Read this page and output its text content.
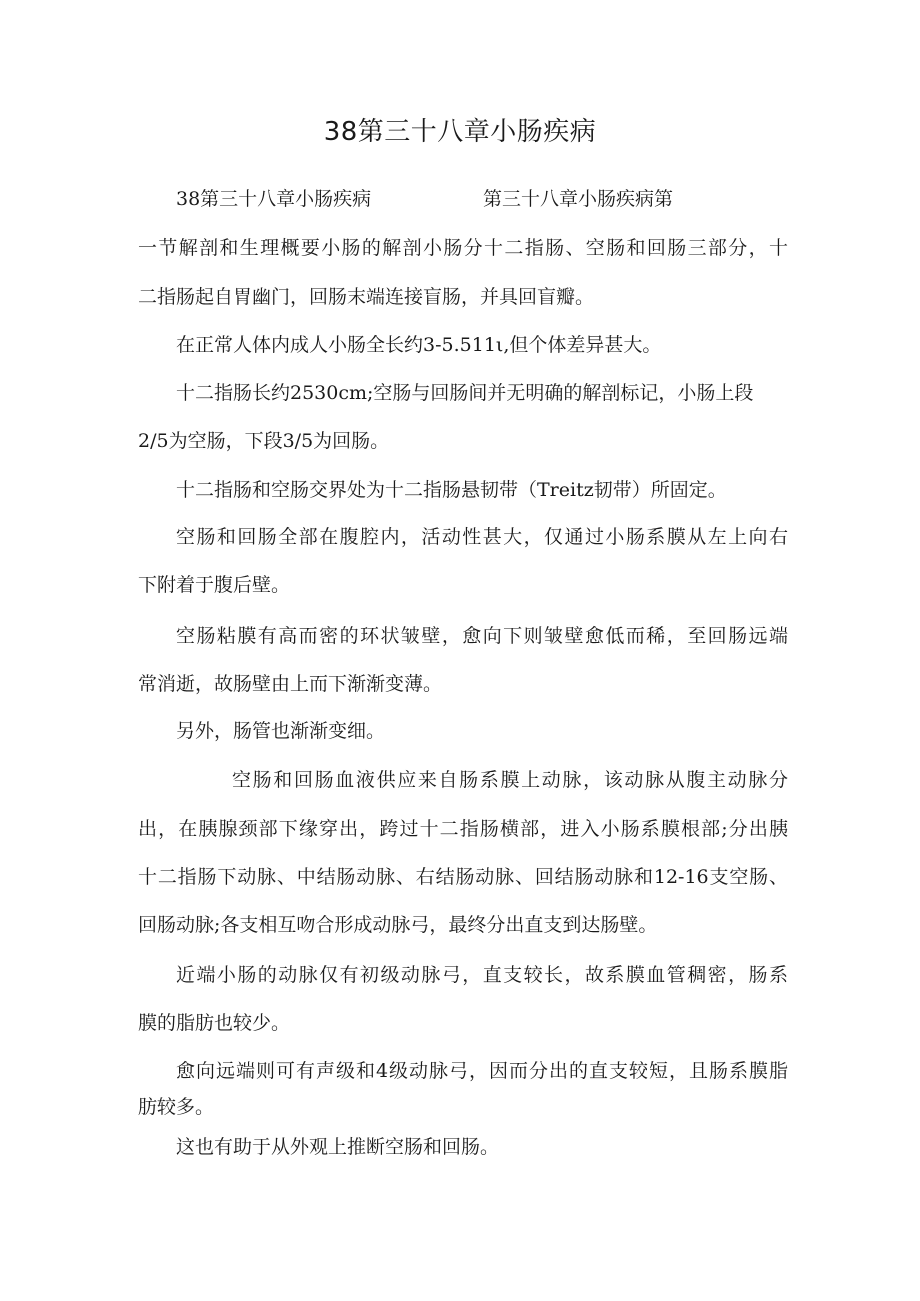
38第三十八章小肠疾病
38第三十八章小肠疾病	第三十八章小肠疾病第
一节解剖和生理概要小肠的解剖小肠分十二指肠、空肠和回肠三部分，十
二指肠起自胃幽门，回肠末端连接盲肠，并具回盲瓣。
在正常人体内成人小肠全长约3-5.511ι,但个体差异甚大。
十二指肠长约2530cm;空肠与回肠间并无明确的解剖标记，小肠上段
2/5为空肠，下段3/5为回肠。
十二指肠和空肠交界处为十二指肠悬韧带（Treitz韧带）所固定。
空肠和回肠全部在腹腔内，活动性甚大，仅通过小肠系膜从左上向右
下附着于腹后壁。
空肠粘膜有高而密的环状皱壁，愈向下则皱壁愈低而稀，至回肠远端
常消逝，故肠壁由上而下渐渐变薄。
另外，肠管也渐渐变细。
空肠和回肠血液供应来自肠系膜上动脉，该动脉从腹主动脉分
出，在胰腺颈部下缘穿出，跨过十二指肠横部，进入小肠系膜根部;分出胰
十二指肠下动脉、中结肠动脉、右结肠动脉、回结肠动脉和12-16支空肠、
回肠动脉;各支相互吻合形成动脉弓，最终分出直支到达肠壁。
近端小肠的动脉仅有初级动脉弓，直支较长，故系膜血管稠密，肠系
膜的脂肪也较少。
愈向远端则可有声级和4级动脉弓，因而分出的直支较短，且肠系膜脂
肪较多。
这也有助于从外观上推断空肠和回肠。
